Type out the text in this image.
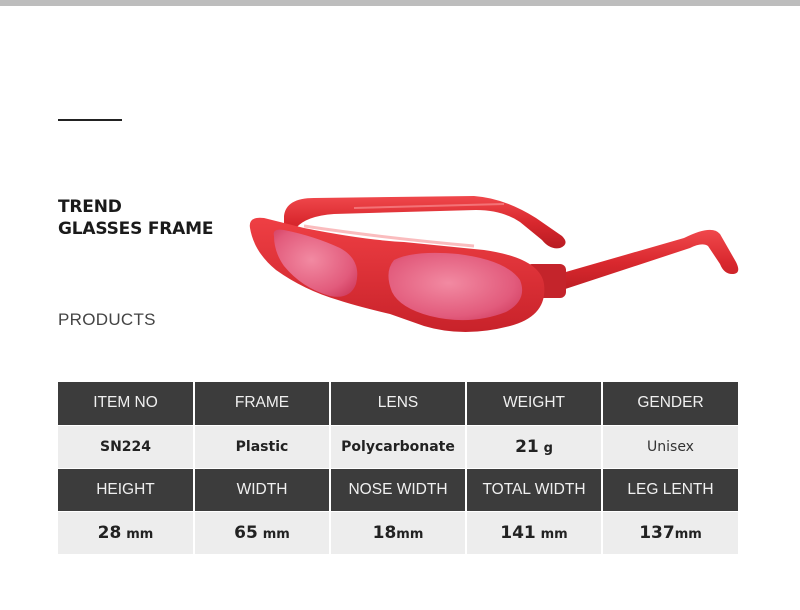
TREND
GLASSES FRAME
PRODUCTS
ITEM NO	FRAME	LENS	WEIGHT	GENDER
SN224	Plastic	Polycarbonate	21 g	Unisex
HEIGHT	WIDTH	NOSE WIDTH	TOTAL WIDTH	LEG LENTH
28 mm	65 mm	18mm	141 mm	137mm
